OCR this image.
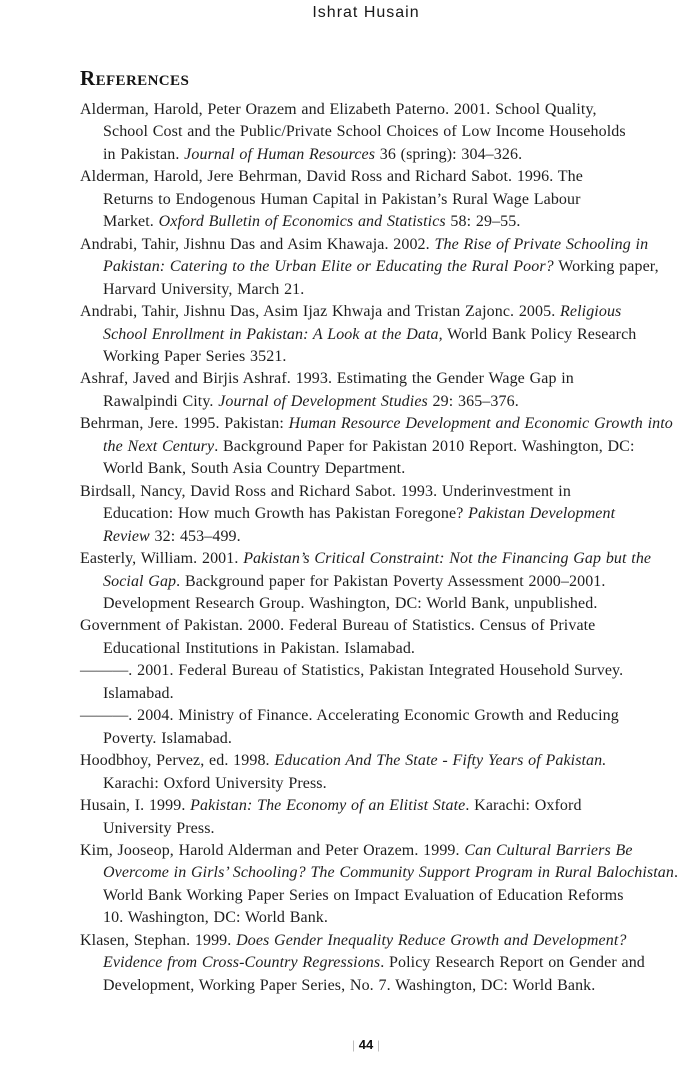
Ishrat Husain
References

Alderman, Harold, Peter Orazem and Elizabeth Paterno. 2001. School Quality,
School Cost and the Public/Private School Choices of Low Income Households
in Pakistan. Journal of Human Resources 36 (spring): 304–326.

Alderman, Harold, Jere Behrman, David Ross and Richard Sabot. 1996. The
Returns to Endogenous Human Capital in Pakistan’s Rural Wage Labour
Market. Oxford Bulletin of Economics and Statistics 58: 29–55.

Andrabi, Tahir, Jishnu Das and Asim Khawaja. 2002. The Rise of Private Schooling in
Pakistan: Catering to the Urban Elite or Educating the Rural Poor? Working paper,
Harvard University, March 21.

Andrabi, Tahir, Jishnu Das, Asim Ijaz Khwaja and Tristan Zajonc. 2005. Religious
School Enrollment in Pakistan: A Look at the Data, World Bank Policy Research
Working Paper Series 3521.

Ashraf, Javed and Birjis Ashraf. 1993. Estimating the Gender Wage Gap in
Rawalpindi City. Journal of Development Studies 29: 365–376.

Behrman, Jere. 1995. Pakistan: Human Resource Development and Economic Growth into
the Next Century. Background Paper for Pakistan 2010 Report. Washington, DC:
World Bank, South Asia Country Department.

Birdsall, Nancy, David Ross and Richard Sabot. 1993. Underinvestment in
Education: How much Growth has Pakistan Foregone? Pakistan Development
Review 32: 453–499.

Easterly, William. 2001. Pakistan’s Critical Constraint: Not the Financing Gap but the
Social Gap. Background paper for Pakistan Poverty Assessment 2000–2001.
Development Research Group. Washington, DC: World Bank, unpublished.

Government of Pakistan. 2000. Federal Bureau of Statistics. Census of Private
Educational Institutions in Pakistan. Islamabad.

———. 2001. Federal Bureau of Statistics, Pakistan Integrated Household Survey.
Islamabad.

———. 2004. Ministry of Finance. Accelerating Economic Growth and Reducing
Poverty. Islamabad.

Hoodbhoy, Pervez, ed. 1998. Education And The State - Fifty Years of Pakistan.
Karachi: Oxford University Press.

Husain, I. 1999. Pakistan: The Economy of an Elitist State. Karachi: Oxford
University Press.

Kim, Jooseop, Harold Alderman and Peter Orazem. 1999. Can Cultural Barriers Be
Overcome in Girls’ Schooling? The Community Support Program in Rural Balochistan.
World Bank Working Paper Series on Impact Evaluation of Education Reforms
10. Washington, DC: World Bank.

Klasen, Stephan. 1999. Does Gender Inequality Reduce Growth and Development?
Evidence from Cross-Country Regressions. Policy Research Report on Gender and
Development, Working Paper Series, No. 7. Washington, DC: World Bank.

| 44 |
